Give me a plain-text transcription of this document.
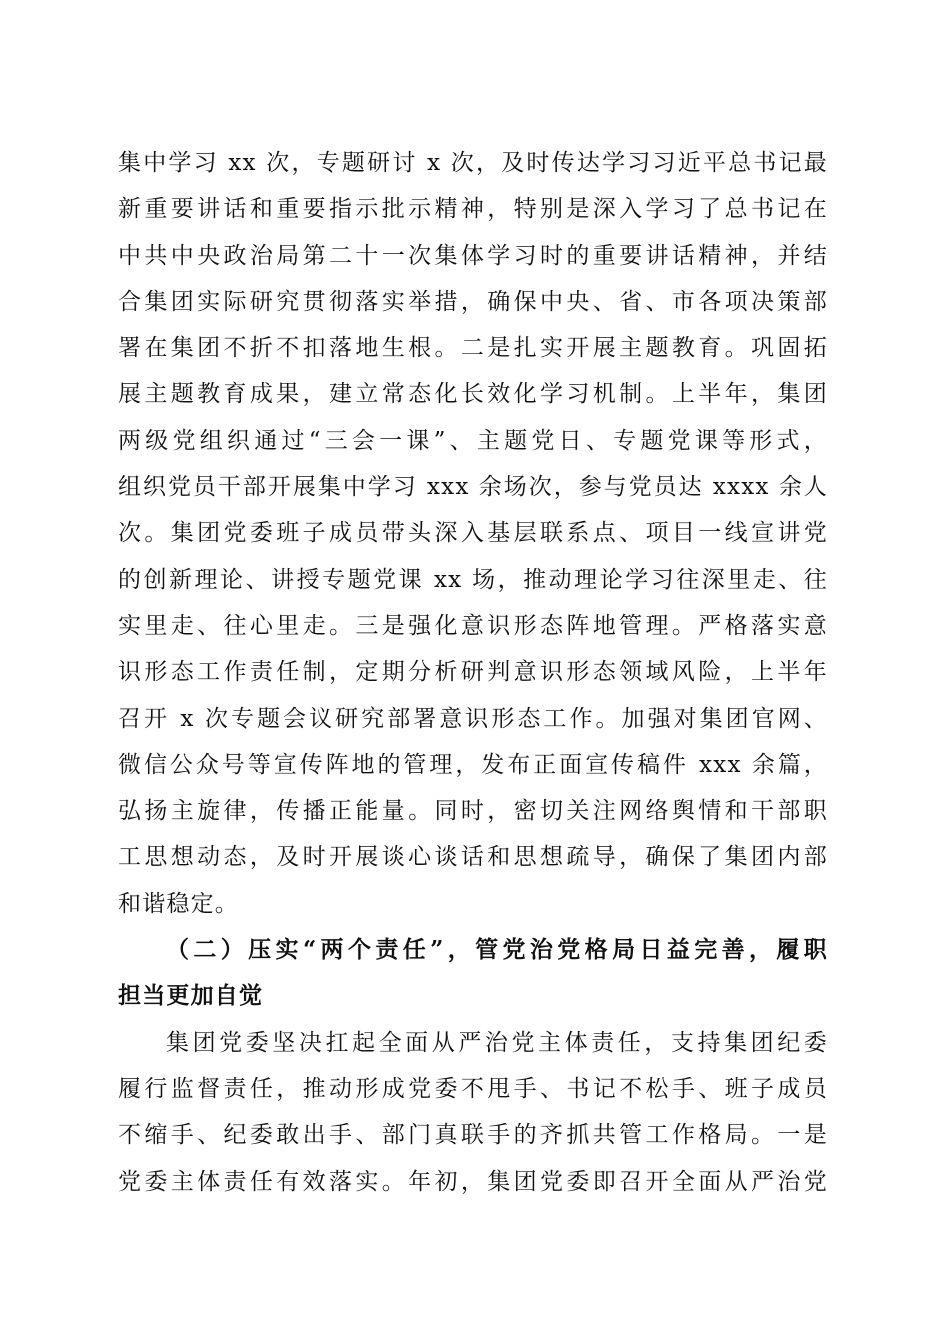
集中学习 xx 次，专题研讨 x 次，及时传达学习习近平总书记最
新重要讲话和重要指示批示精神，特别是深入学习了总书记在
中共中央政治局第二十一次集体学习时的重要讲话精神，并结
合集团实际研究贯彻落实举措，确保中央、省、市各项决策部
署在集团不折不扣落地生根。二是扎实开展主题教育。巩固拓
展主题教育成果，建立常态化长效化学习机制。上半年，集团
两级党组织通过“三会一课”、主题党日、专题党课等形式，
组织党员干部开展集中学习 xxx 余场次，参与党员达 xxxx 余人
次。集团党委班子成员带头深入基层联系点、项目一线宣讲党
的创新理论、讲授专题党课 xx 场，推动理论学习往深里走、往
实里走、往心里走。三是强化意识形态阵地管理。严格落实意
识形态工作责任制，定期分析研判意识形态领域风险，上半年
召开 x 次专题会议研究部署意识形态工作。加强对集团官网、
微信公众号等宣传阵地的管理，发布正面宣传稿件 xxx 余篇，
弘扬主旋律，传播正能量。同时，密切关注网络舆情和干部职
工思想动态，及时开展谈心谈话和思想疏导，确保了集团内部
和谐稳定。
（二）压实“两个责任”，管党治党格局日益完善，履职
担当更加自觉
集团党委坚决扛起全面从严治党主体责任，支持集团纪委
履行监督责任，推动形成党委不甩手、书记不松手、班子成员
不缩手、纪委敢出手、部门真联手的齐抓共管工作格局。一是
党委主体责任有效落实。年初，集团党委即召开全面从严治党
